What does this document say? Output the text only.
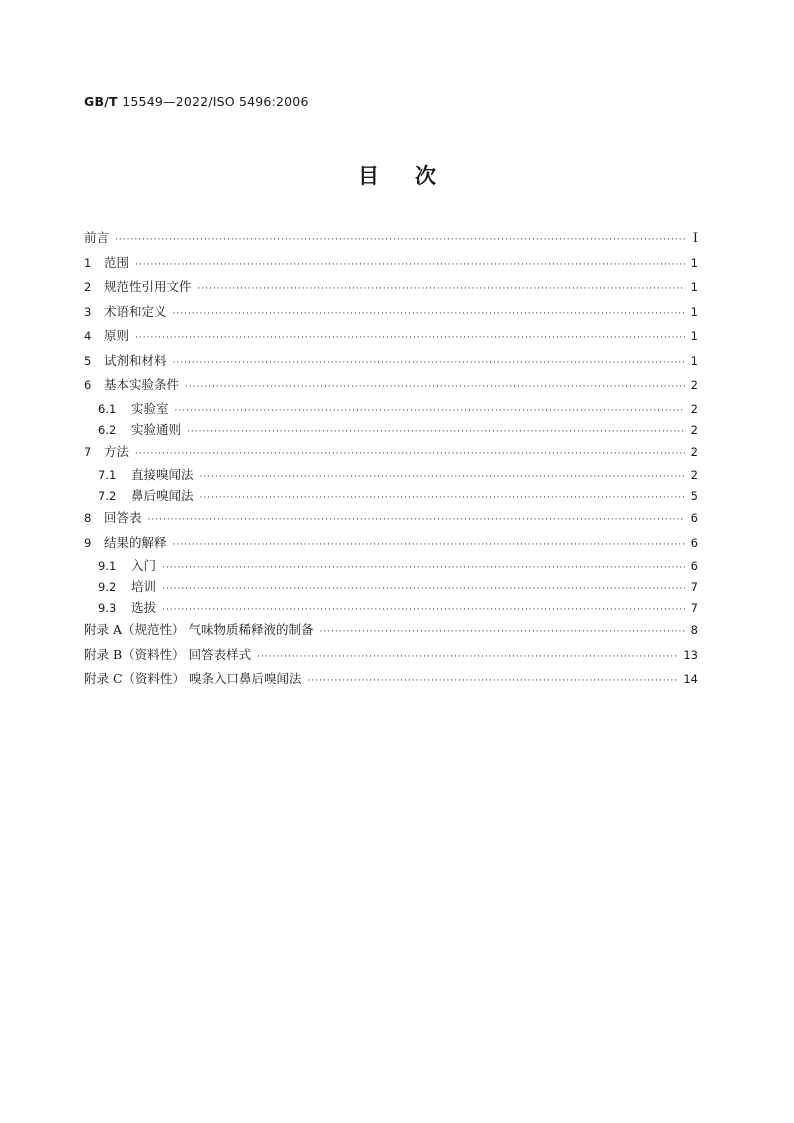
GB/T 15549—2022/ISO 5496:2006
目次
前言 ·····	I
1	范围 ·····	1
2	规范性引用文件 ·····	1
3	术语和定义 ·····	1
4	原则 ·····	1
5	试剂和材料 ·····	1
6	基本实验条件 ·····	2
6.1	实验室 ·····	2
6.2	实验通则 ·····	2
7	方法 ·····	2
7.1	直接嗅闻法 ·····	2
7.2	鼻后嗅闻法 ·····	5
8	回答表 ·····	6
9	结果的解释 ·····	6
9.1	入门 ·····	6
9.2	培训 ·····	7
9.3	选拔 ·····	7
附录 A（规范性） 气味物质稀释液的制备 ·····	8
附录 B（资料性） 回答表样式 ·····	13
附录 C（资料性） 嗅条入口鼻后嗅闻法 ·····	14
